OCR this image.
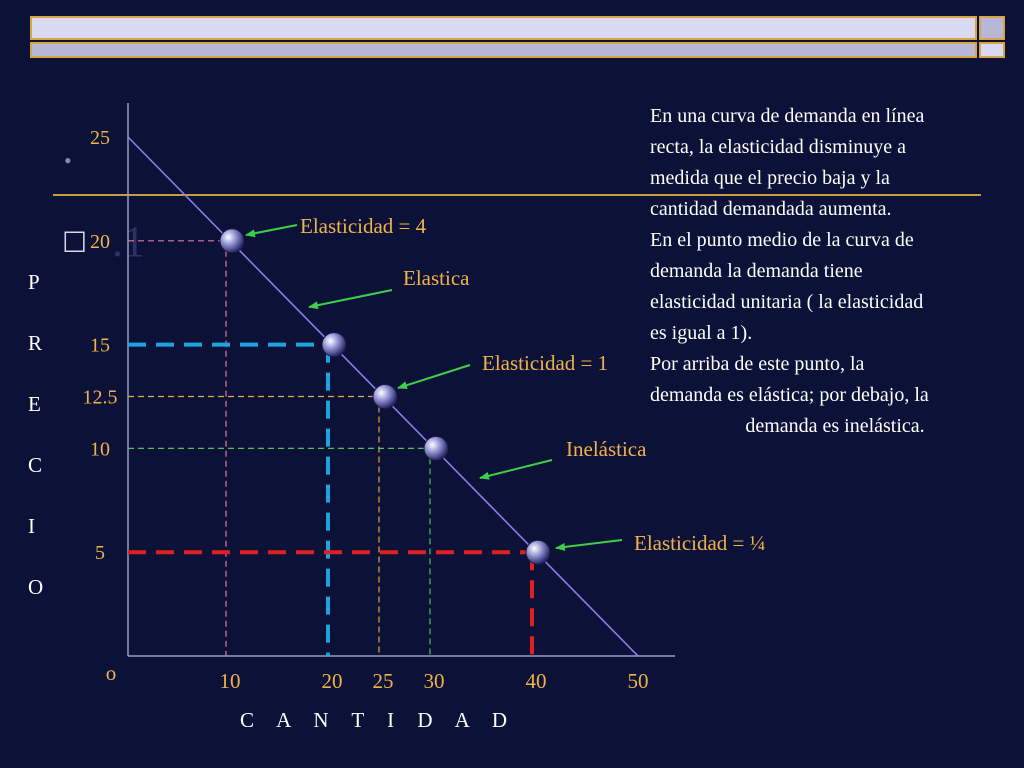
•
☐ .1
25
20
15
12.5
10
5
10	20 25 30	40	50
o
Elasticidad = 4
Elastica
Elasticidad = 1
Inelástica
Elasticidad = ¼
P
R
E
C
I
O
C A N T I D A D

En una curva de demanda en línea

recta, la elasticidad disminuye a

medida que el precio baja y la

cantidad demandada aumenta.

En el punto medio de la curva de

demanda la demanda tiene

elasticidad unitaria ( la elasticidad

es igual a 1).

Por arriba de este punto, la

demanda es elástica; por debajo, la

demanda es inelástica.
